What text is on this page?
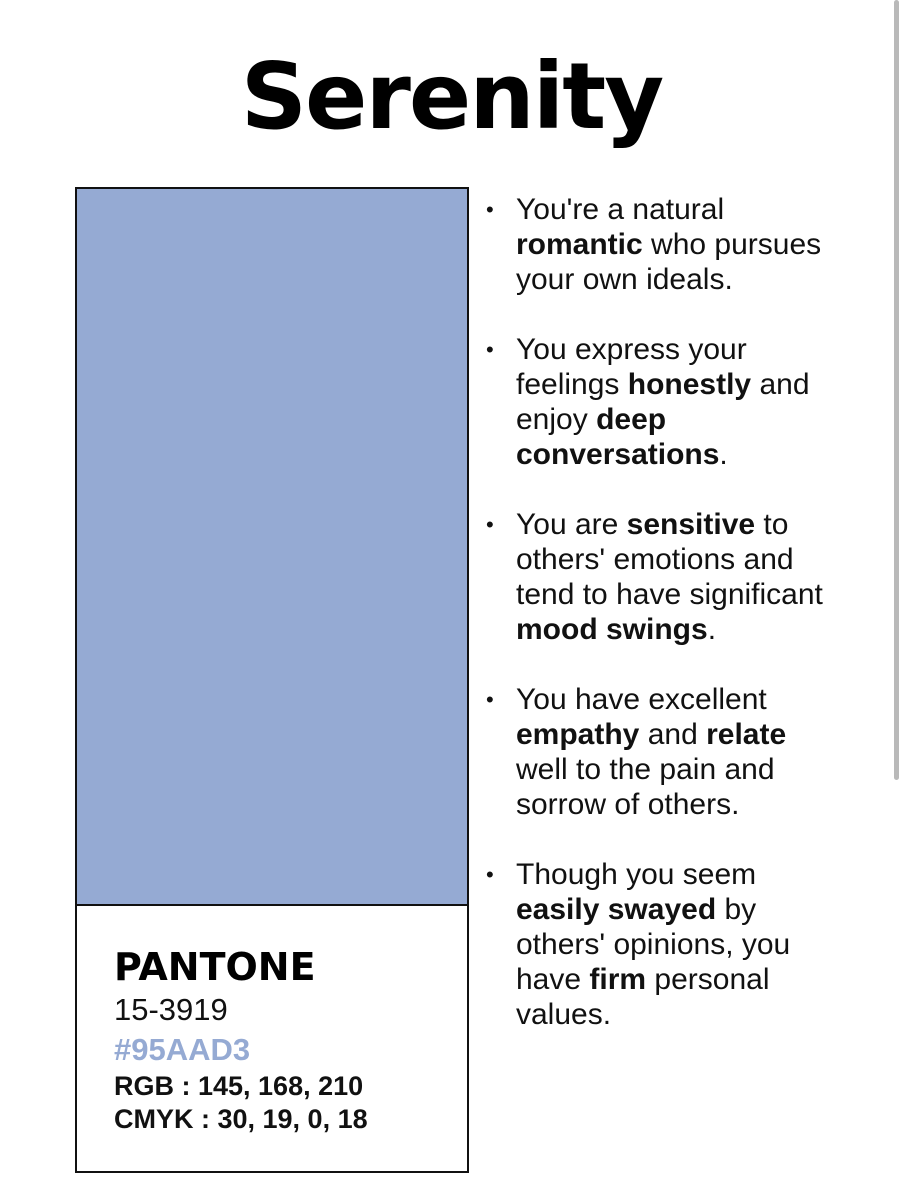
Serenity
PANTONE
15-3919
#95AAD3
RGB : 145, 168, 210
CMYK : 30, 19, 0, 18
• You're a natural romantic who pursues your own ideals.
• You express your feelings honestly and enjoy deep conversations.
• You are sensitive to others' emotions and tend to have significant mood swings.
• You have excellent empathy and relate well to the pain and sorrow of others.
• Though you seem easily swayed by others' opinions, you have firm personal values.
